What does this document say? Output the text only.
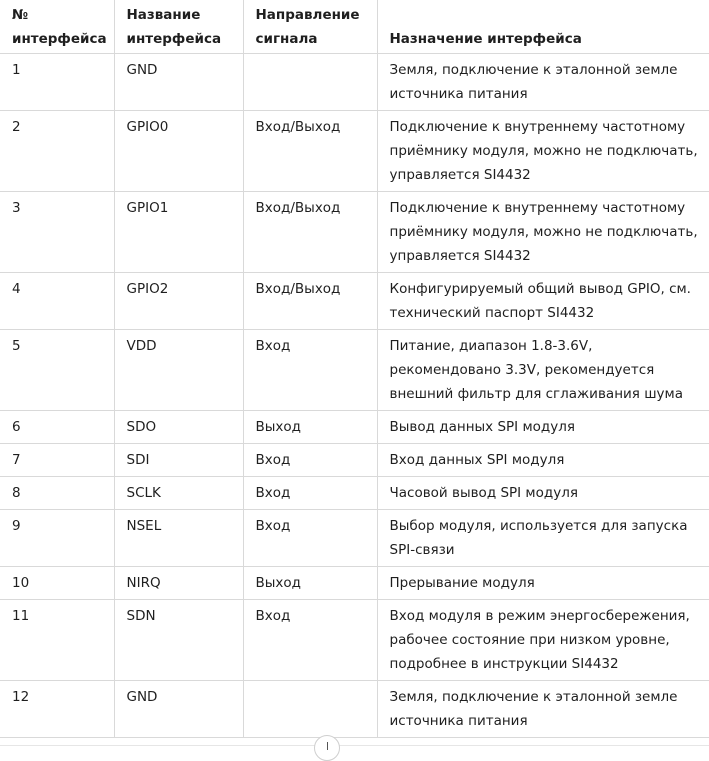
№ интерфейса	Название интерфейса	Направление сигнала	Назначение интерфейса
1	GND		Земля, подключение к эталонной земле источника питания
2	GPIO0	Вход/Выход	Подключение к внутреннему частотному приёмнику модуля, можно не подключать, управляется SI4432
3	GPIO1	Вход/Выход	Подключение к внутреннему частотному приёмнику модуля, можно не подключать, управляется SI4432
4	GPIO2	Вход/Выход	Конфигурируемый общий вывод GPIO, см. технический паспорт SI4432
5	VDD	Вход	Питание, диапазон 1.8-3.6V, рекомендовано 3.3V, рекомендуется внешний фильтр для сглаживания шума
6	SDO	Выход	Вывод данных SPI модуля
7	SDI	Вход	Вход данных SPI модуля
8	SCLK	Вход	Часовой вывод SPI модуля
9	NSEL	Вход	Выбор модуля, используется для запуска SPI-связи
10	NIRQ	Выход	Прерывание модуля
11	SDN	Вход	Вход модуля в режим энергосбережения, рабочее состояние при низком уровне, подробнее в инструкции SI4432
12	GND		Земля, подключение к эталонной земле источника питания
